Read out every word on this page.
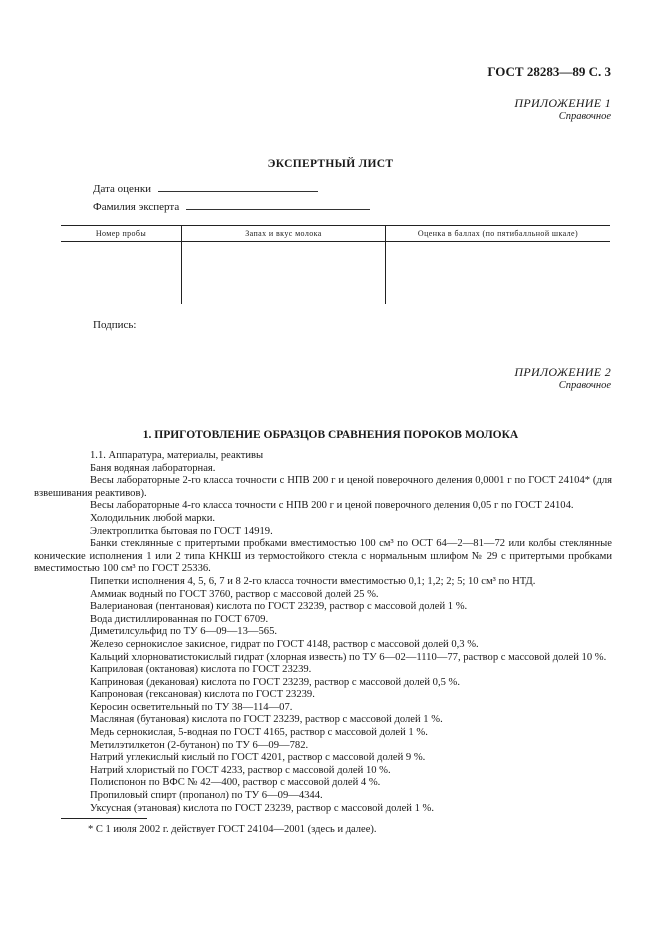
ГОСТ 28283—89 С. 3
ПРИЛОЖЕНИЕ 1
Справочное
ЭКСПЕРТНЫЙ ЛИСТ
Дата оценки
Фамилия эксперта
Номер пробы	Запах и вкус молока	Оценка в баллах (по пятибалльной шкале)

Подпись:
ПРИЛОЖЕНИЕ 2
Справочное
1. ПРИГОТОВЛЕНИЕ ОБРАЗЦОВ СРАВНЕНИЯ ПОРОКОВ МОЛОКА

1.1. Аппаратура, материалы, реактивы

Баня водяная лабораторная.

Весы лабораторные 2-го класса точности с НПВ 200 г и ценой поверочного деления 0,0001 г по ГОСТ 24104* (для взвешивания реактивов).

Весы лабораторные 4-го класса точности с НПВ 200 г и ценой поверочного деления 0,05 г по ГОСТ 24104.

Холодильник любой марки.

Электроплитка бытовая по ГОСТ 14919.

Банки стеклянные с притертыми пробками вместимостью 100 см³ по ОСТ 64—2—81—72 или колбы стеклянные конические исполнения 1 или 2 типа КНКШ из термостойкого стекла с нормальным шлифом № 29 с притертыми пробками вместимостью 100 см³ по ГОСТ 25336.

Пипетки исполнения 4, 5, 6, 7 и 8 2-го класса точности вместимостью 0,1; 1,2; 2; 5; 10 см³ по НТД.

Аммиак водный по ГОСТ 3760, раствор с массовой долей 25 %.

Валериановая (пентановая) кислота по ГОСТ 23239, раствор с массовой долей 1 %.

Вода дистиллированная по ГОСТ 6709.

Диметилсульфид по ТУ 6—09—13—565.

Железо сернокислое закисное, гидрат по ГОСТ 4148, раствор с массовой долей 0,3 %.

Кальций хлорноватистокислый гидрат (хлорная известь) по ТУ 6—02—1110—77, раствор с массовой долей 10 %.

Каприловая (октановая) кислота по ГОСТ 23239.

Каприновая (декановая) кислота по ГОСТ 23239, раствор с массовой долей 0,5 %.

Капроновая (гексановая) кислота по ГОСТ 23239.

Керосин осветительный по ТУ 38—114—07.

Масляная (бутановая) кислота по ГОСТ 23239, раствор с массовой долей 1 %.

Медь сернокислая, 5-водная по ГОСТ 4165, раствор с массовой долей 1 %.

Метилэтилкетон (2-бутанон) по ТУ 6—09—782.

Натрий углекислый кислый по ГОСТ 4201, раствор с массовой долей 9 %.

Натрий хлористый по ГОСТ 4233, раствор с массовой долей 10 %.

Полиспонон по ВФС № 42—400, раствор с массовой долей 4 %.

Пропиловый спирт (пропанол) по ТУ 6—09—4344.

Уксусная (этановая) кислота по ГОСТ 23239, раствор с массовой долей 1 %.

* С 1 июля 2002 г. действует ГОСТ 24104—2001 (здесь и далее).
